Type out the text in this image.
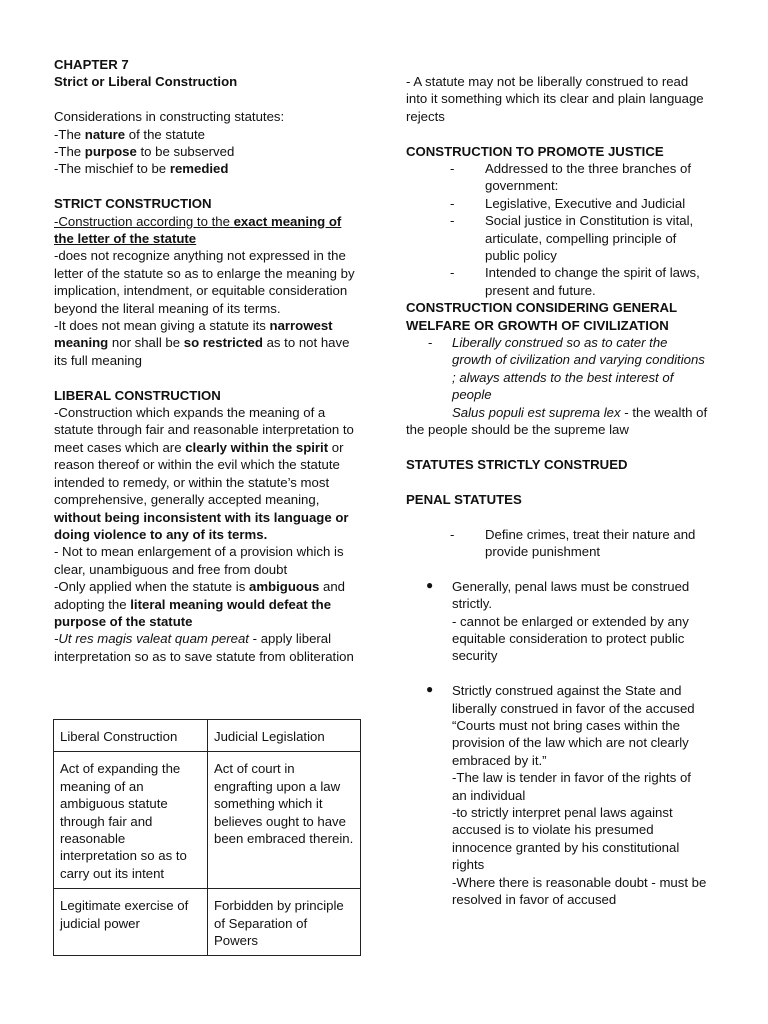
CHAPTER 7

Strict or Liberal Construction

Considerations in constructing statutes:

-The nature of the statute

-The purpose to be subserved

-The mischief to be remedied

STRICT CONSTRUCTION

-Construction according to the exact meaning of the letter of the statute

-does not recognize anything not expressed in the letter of the statute so as to enlarge the meaning by implication, intendment, or equitable consideration beyond the literal meaning of its terms.

-It does not mean giving a statute its narrowest meaning nor shall be so restricted as to not have its full meaning

LIBERAL CONSTRUCTION

-Construction which expands the meaning of a statute through fair and reasonable interpretation to meet cases which are clearly within the spirit or reason thereof or within the evil which the statute intended to remedy, or within the statute’s most comprehensive, generally accepted meaning, without being inconsistent with its language or doing violence to any of its terms.

- Not to mean enlargement of a provision which is clear, unambiguous and free from doubt

-Only applied when the statute is ambiguous and adopting the literal meaning would defeat the purpose of the statute

-Ut res magis valeat quam pereat - apply liberal interpretation so as to save statute from obliteration

Liberal Construction	Judicial Legislation
Act of expanding the meaning of an ambiguous statute through fair and reasonable interpretation so as to carry out its intent	Act of court in engrafting upon a law something which it believes ought to have been embraced therein.
Legitimate exercise of judicial power	Forbidden by principle of Separation of Powers

- A statute may not be liberally construed to read into it something which its clear and plain language rejects

CONSTRUCTION TO PROMOTE JUSTICE

- Addressed to the three branches of government:
- Legislative, Executive and Judicial
- Social justice in Constitution is vital, articulate, compelling principle of public policy
- Intended to change the spirit of laws, present and future.

CONSTRUCTION CONSIDERING GENERAL WELFARE OR GROWTH OF CIVILIZATION

- Liberally construed so as to cater the growth of civilization and varying conditions ; always attends to the best interest of people

Salus populi est suprema lex - the wealth of the people should be the supreme law

STATUTES STRICTLY CONSTRUED

PENAL STATUTES

- Define crimes, treat their nature and provide punishment
● Generally, penal laws must be construed strictly.

- cannot be enlarged or extended by any equitable consideration to protect public security

● Strictly construed against the State and liberally construed in favor of the accused

“Courts must not bring cases within the provision of the law which are not clearly embraced by it.”

-The law is tender in favor of the rights of an individual

-to strictly interpret penal laws against accused is to violate his presumed innocence granted by his constitutional rights

-Where there is reasonable doubt - must be resolved in favor of accused
